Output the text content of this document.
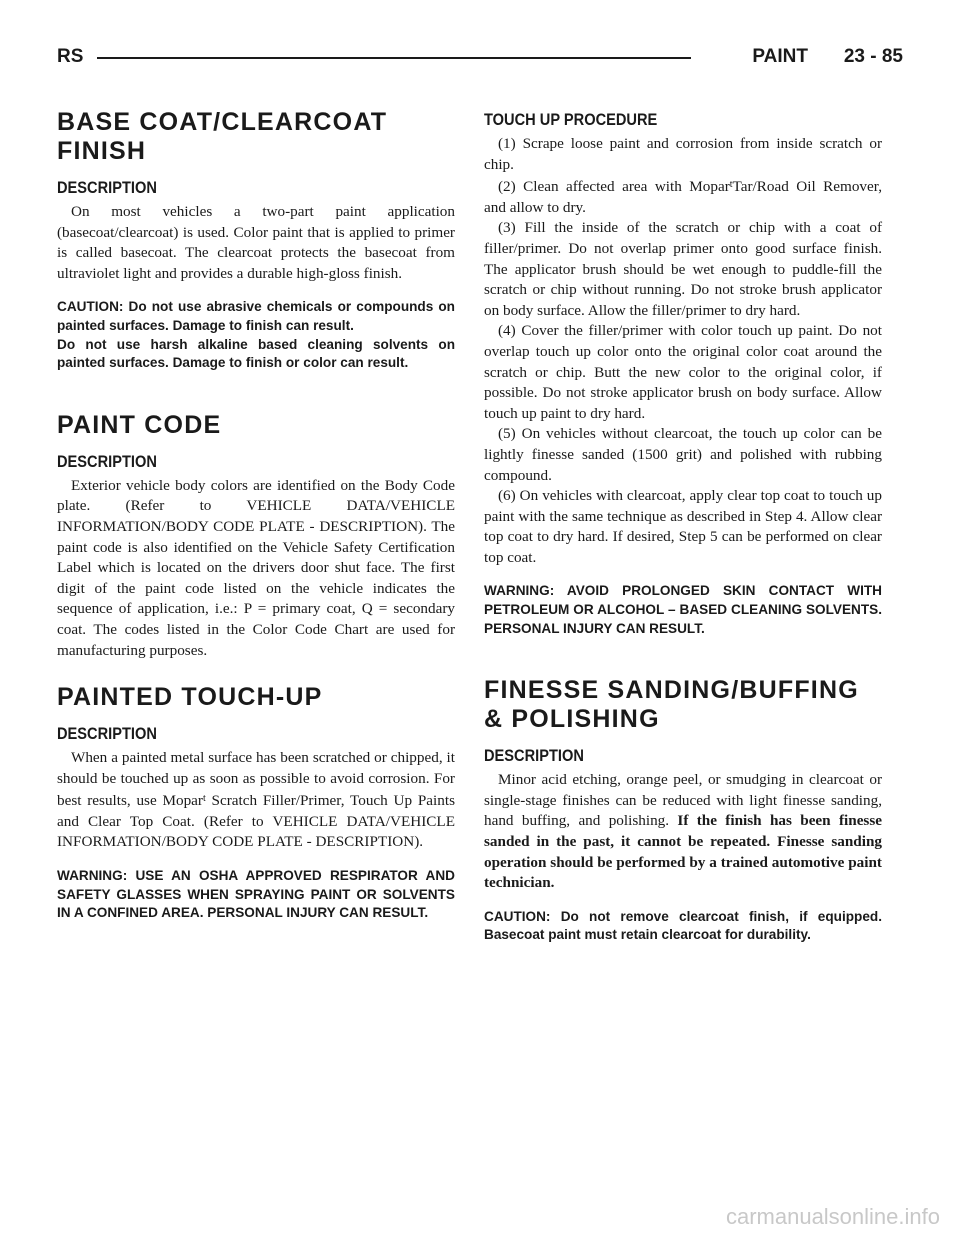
RS	PAINT 23 - 85
BASE COAT/CLEARCOAT FINISH
DESCRIPTION

On most vehicles a two-part paint application (basecoat/clearcoat) is used. Color paint that is applied to primer is called basecoat. The clearcoat protects the basecoat from ultraviolet light and provides a durable high-gloss finish.

CAUTION: Do not use abrasive chemicals or compounds on painted surfaces. Damage to finish can result.
Do not use harsh alkaline based cleaning solvents on painted surfaces. Damage to finish or color can result.
PAINT CODE
DESCRIPTION

Exterior vehicle body colors are identified on the Body Code plate. (Refer to VEHICLE DATA/VEHICLE INFORMATION/BODY CODE PLATE - DESCRIPTION). The paint code is also identified on the Vehicle Safety Certification Label which is located on the drivers door shut face. The first digit of the paint code listed on the vehicle indicates the sequence of application, i.e.: P = primary coat, Q = secondary coat. The codes listed in the Color Code Chart are used for manufacturing purposes.

PAINTED TOUCH-UP
DESCRIPTION

When a painted metal surface has been scratched or chipped, it should be touched up as soon as possible to avoid corrosion. For best results, use Mopar$^t$ Scratch Filler/Primer, Touch Up Paints and Clear Top Coat. (Refer to VEHICLE DATA/VEHICLE INFORMATION/BODY CODE PLATE - DESCRIPTION).

WARNING: USE AN OSHA APPROVED RESPIRATOR AND SAFETY GLASSES WHEN SPRAYING PAINT OR SOLVENTS IN A CONFINED AREA. PERSONAL INJURY CAN RESULT.
TOUCH UP PROCEDURE

(1) Scrape loose paint and corrosion from inside scratch or chip.

(2) Clean affected area with Mopar$^t$Tar/Road Oil Remover, and allow to dry.

(3) Fill the inside of the scratch or chip with a coat of filler/primer. Do not overlap primer onto good surface finish. The applicator brush should be wet enough to puddle-fill the scratch or chip without running. Do not stroke brush applicator on body surface. Allow the filler/primer to dry hard.

(4) Cover the filler/primer with color touch up paint. Do not overlap touch up color onto the original color coat around the scratch or chip. Butt the new color to the original color, if possible. Do not stroke applicator brush on body surface. Allow touch up paint to dry hard.

(5) On vehicles without clearcoat, the touch up color can be lightly finesse sanded (1500 grit) and polished with rubbing compound.

(6) On vehicles with clearcoat, apply clear top coat to touch up paint with the same technique as described in Step 4. Allow clear top coat to dry hard. If desired, Step 5 can be performed on clear top coat.

WARNING: AVOID PROLONGED SKIN CONTACT WITH PETROLEUM OR ALCOHOL – BASED CLEANING SOLVENTS. PERSONAL INJURY CAN RESULT.
FINESSE SANDING/BUFFING & POLISHING
DESCRIPTION

Minor acid etching, orange peel, or smudging in clearcoat or single-stage finishes can be reduced with light finesse sanding, hand buffing, and polishing. If the finish has been finesse sanded in the past, it cannot be repeated. Finesse sanding operation should be performed by a trained automotive paint technician.

CAUTION: Do not remove clearcoat finish, if equipped. Basecoat paint must retain clearcoat for durability.
carmanualsonline.info
